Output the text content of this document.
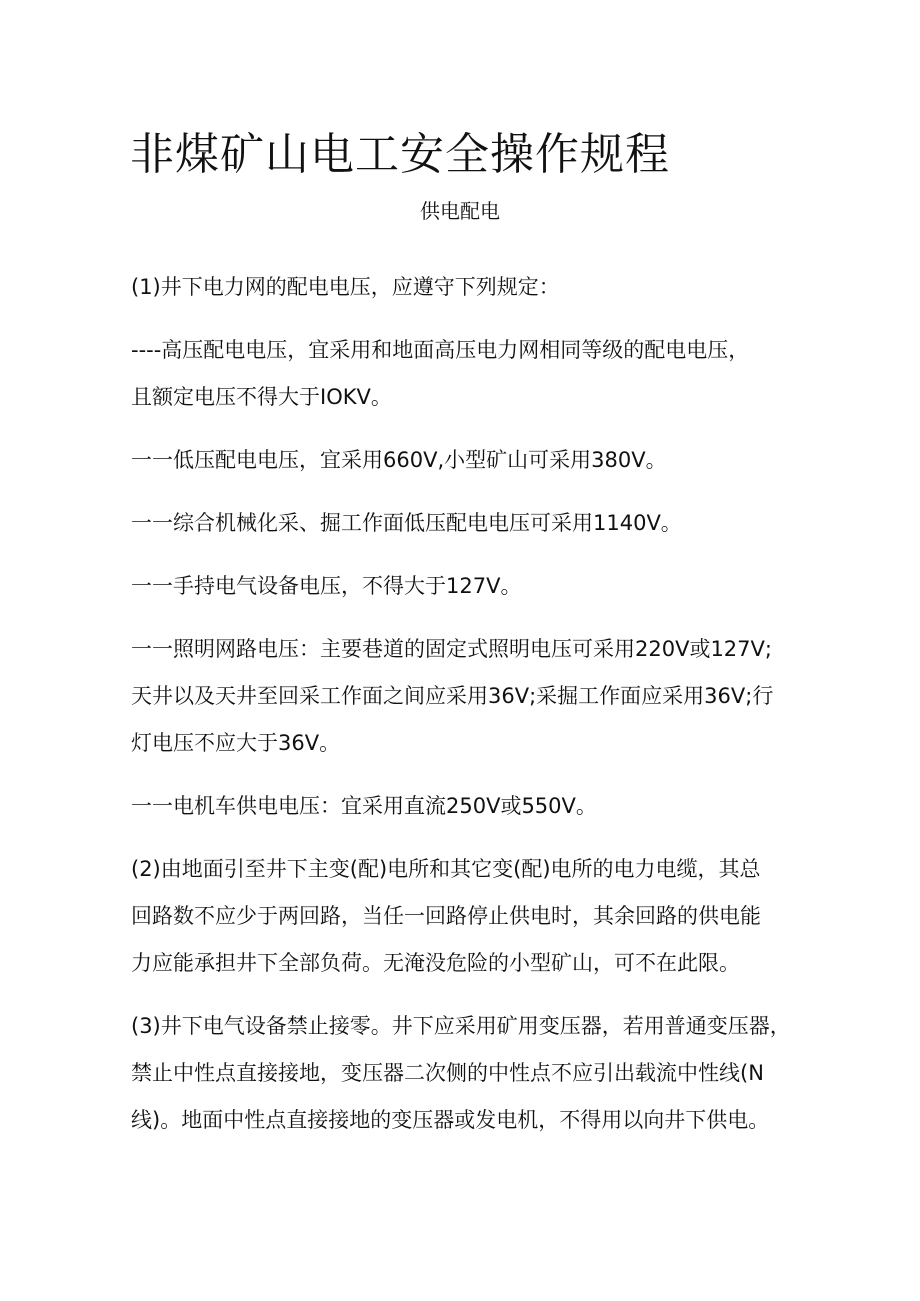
非煤矿山电工安全操作规程
供电配电

(1)井下电力网的配电电压，应遵守下列规定：

----高压配电电压，宜采用和地面高压电力网相同等级的配电电压，
且额定电压不得大于IOKV。

一一低压配电电压，宜采用660V,小型矿山可采用380V。

一一综合机械化采、掘工作面低压配电电压可采用1140V。

一一手持电气设备电压，不得大于127V。

一一照明网路电压：主要巷道的固定式照明电压可采用220V或127V;
天井以及天井至回采工作面之间应采用36V;采掘工作面应采用36V;行
灯电压不应大于36V。

一一电机车供电电压：宜采用直流250V或550V。

(2)由地面引至井下主变(配)电所和其它变(配)电所的电力电缆，其总
回路数不应少于两回路，当任一回路停止供电时，其余回路的供电能
力应能承担井下全部负荷。无淹没危险的小型矿山，可不在此限。

(3)井下电气设备禁止接零。井下应采用矿用变压器，若用普通变压器，
禁止中性点直接接地，变压器二次侧的中性点不应引出载流中性线(N
线)。地面中性点直接接地的变压器或发电机，不得用以向井下供电。
